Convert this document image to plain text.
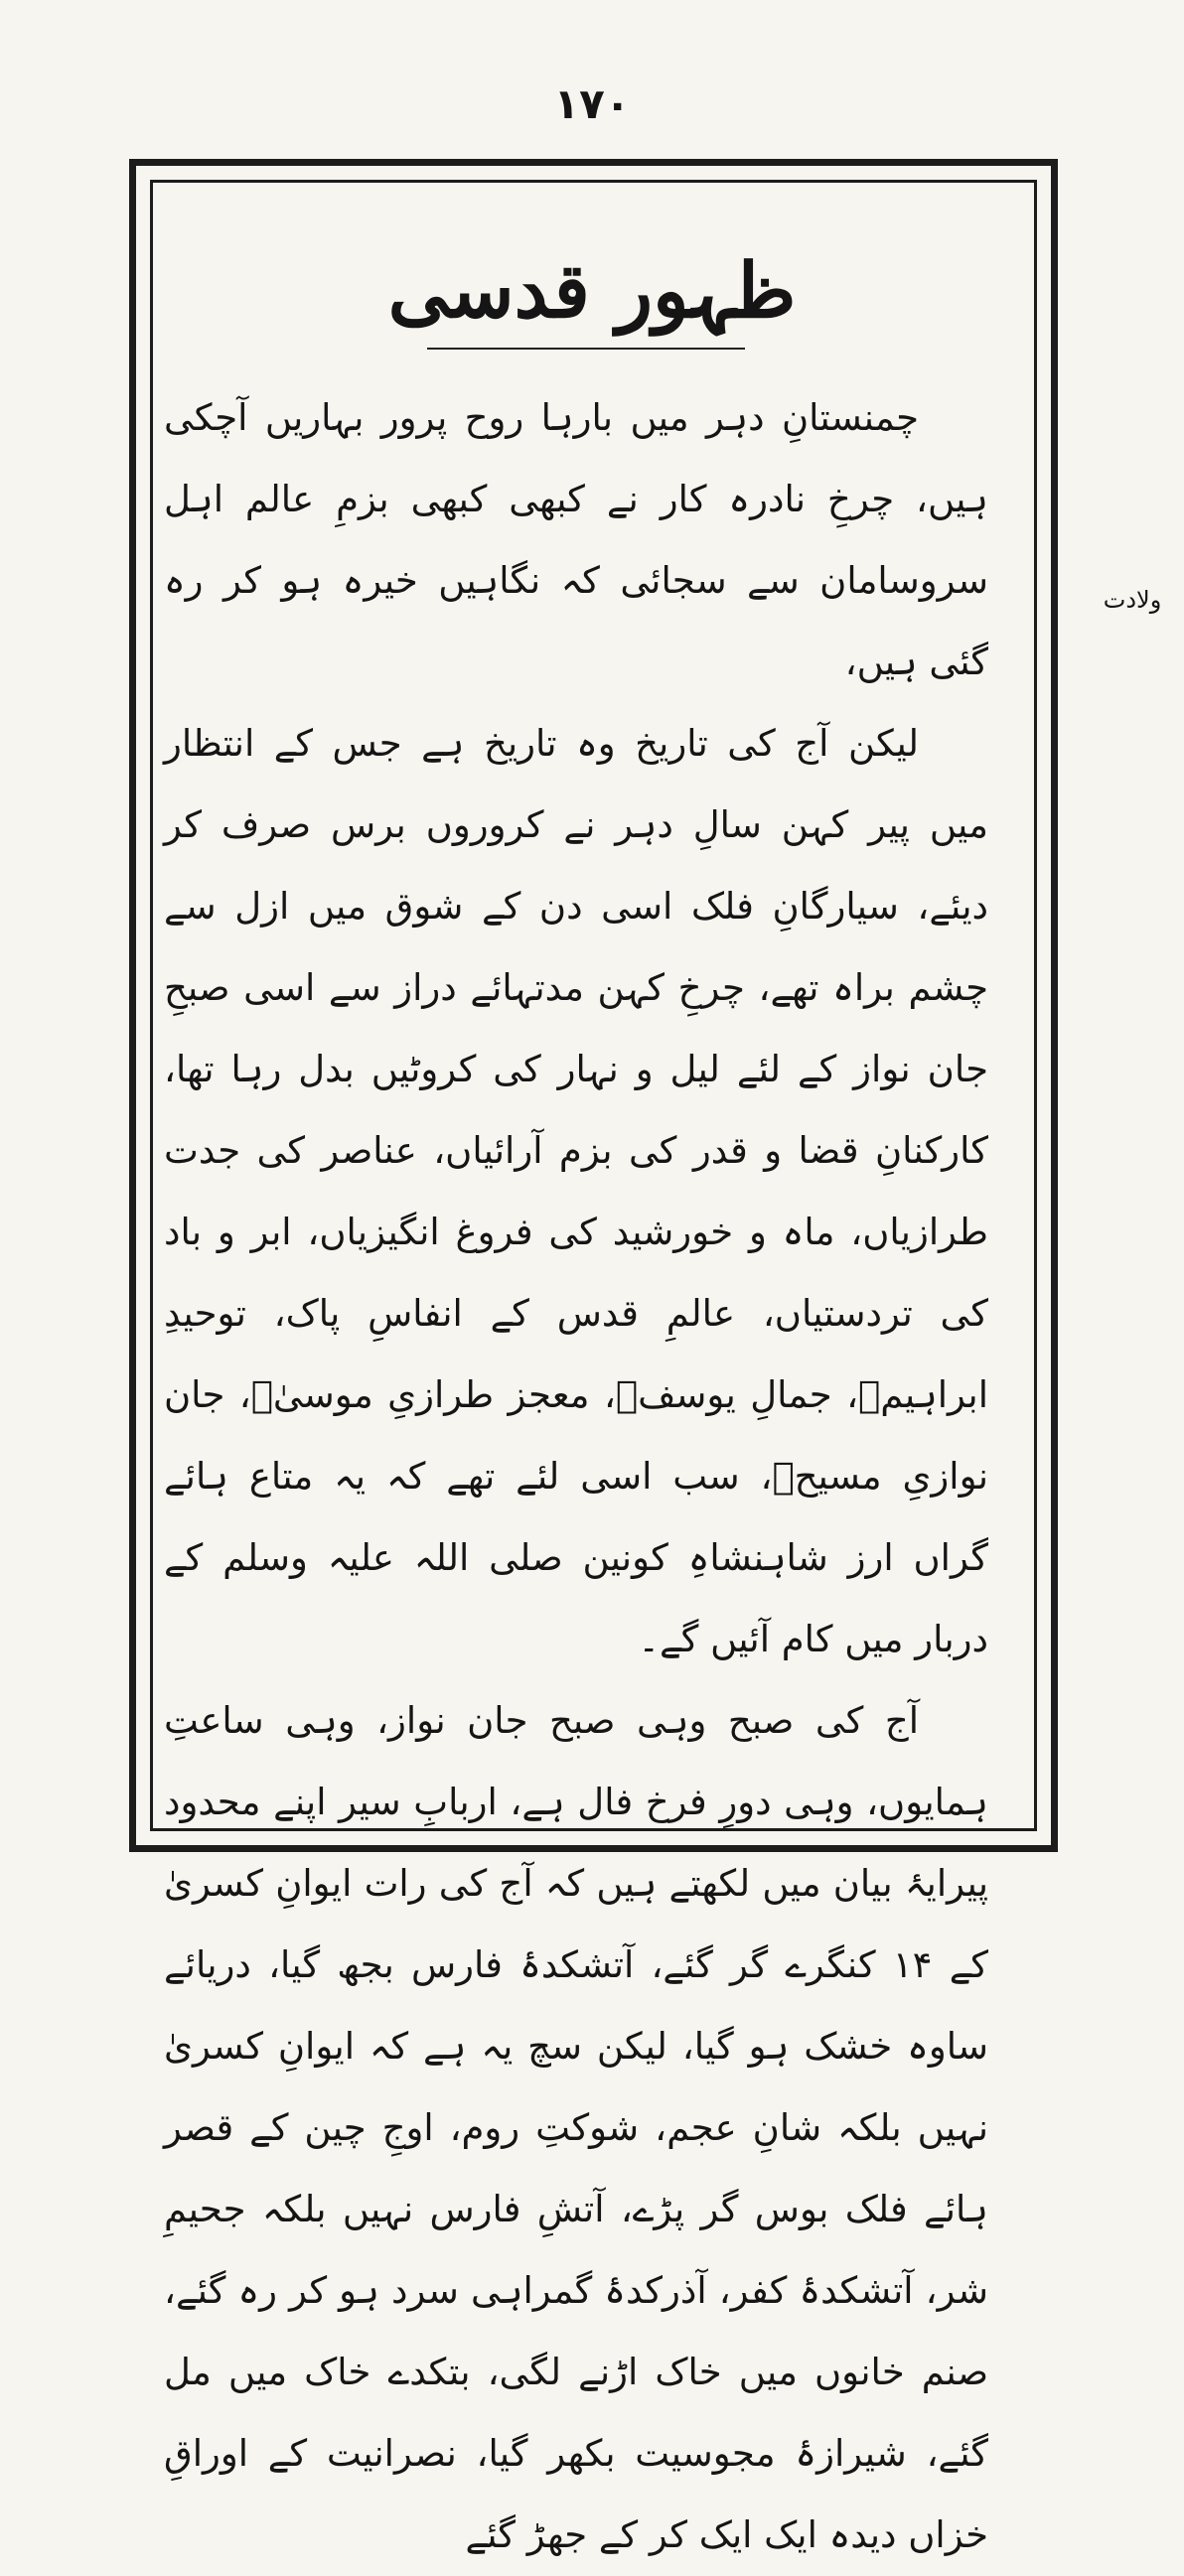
۱۷۰
ظہور قدسی
ولادت

چمنستانِ دہر میں بارہا روح پرور بہاریں آچکی ہیں، چرخِ نادرہ کار نے کبھی کبھی بزمِ عالم اہل سروسامان سے سجائی کہ نگاہیں خیرہ ہو کر رہ گئی ہیں،

لیکن آج کی تاریخ وہ تاریخ ہے جس کے انتظار میں پیر کہن سالِ دہر نے کروروں برس صرف کر دیئے، سیارگانِ فلک اسی دن کے شوق میں ازل سے چشم براہ تھے، چرخِ کہن مدتہائے دراز سے اسی صبحِ جان نواز کے لئے لیل و نہار کی کروٹیں بدل رہا تھا، کارکنانِ قضا و قدر کی بزم آرائیاں، عناصر کی جدت طرازیاں، ماہ و خورشید کی فروغ انگیزیاں، ابر و باد کی تردستیاں، عالمِ قدس کے انفاسِ پاک، توحیدِ ابراہیمؑ، جمالِ یوسفؑ، معجز طرازیِ موسیٰؑ، جان نوازیِ مسیحؑ، سب اسی لئے تھے کہ یہ متاع ہائے گراں ارز شاہنشاہِ کونین صلی اللہ علیہ وسلم کے دربار میں کام آئیں گے۔

آج کی صبح وہی صبح جان نواز، وہی ساعتِ ہمایوں، وہی دورِ فرخ فال ہے، اربابِ سیر اپنے محدود پیرایۂ بیان میں لکھتے ہیں کہ آج کی رات ایوانِ کسریٰ کے ۱۴ کنگرے گر گئے، آتشکدۂ فارس بجھ گیا، دریائے ساوہ خشک ہو گیا، لیکن سچ یہ ہے کہ ایوانِ کسریٰ نہیں بلکہ شانِ عجم، شوکتِ روم، اوجِ چین کے قصر ہائے فلک بوس گر پڑے، آتشِ فارس نہیں بلکہ جحیمِ شر، آتشکدۂ کفر، آذرکدۂ گمراہی سرد ہو کر رہ گئے، صنم خانوں میں خاک اڑنے لگی، بتکدے خاک میں مل گئے، شیرازۂ مجوسیت بکھر گیا، نصرانیت کے اوراقِ خزاں دیدہ ایک ایک کر کے جھڑ گئے
